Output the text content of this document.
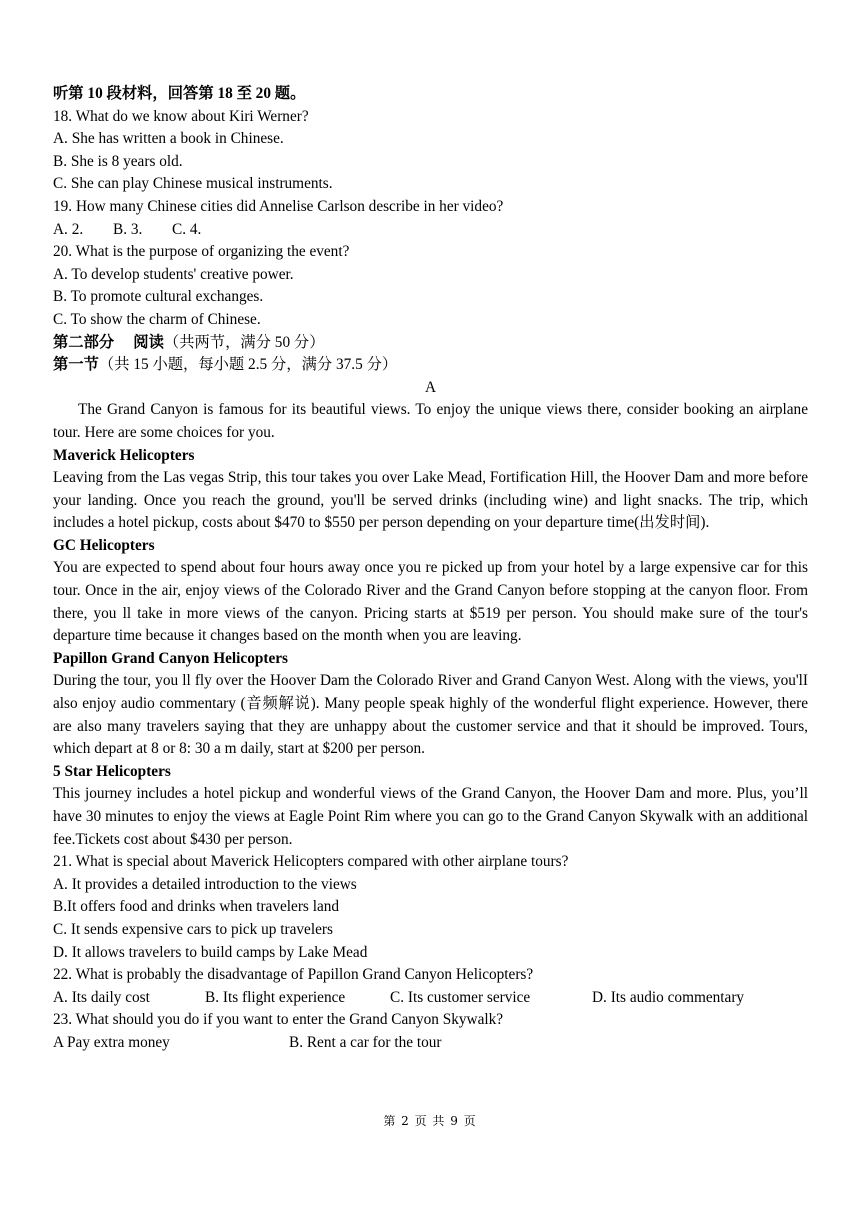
听第 10 段材料，回答第 18 至 20 题。
18. What do we know about Kiri Werner?
A. She has written a book in Chinese.
B. She is 8 years old.
C. She can play Chinese musical instruments.
19. How many Chinese cities did Annelise Carlson describe in her video?
A. 2.	B. 3.	C. 4.
20. What is the purpose of organizing the event?
A. To develop students' creative power.
B. To promote cultural exchanges.
C. To show the charm of Chinese.
第二部分     阅读（共两节，满分 50 分）
第一节（共 15 小题，每小题 2.5 分，满分 37.5 分）
A
The Grand Canyon is famous for its beautiful views. To enjoy the unique views there, consider booking an airplane tour. Here are some choices for you.
Maverick Helicopters
Leaving from the Las vegas Strip, this tour takes you over Lake Mead, Fortification Hill, the Hoover Dam and more before your landing. Once you reach the ground, you'll be served drinks (including wine) and light snacks. The trip, which includes a hotel pickup, costs about $470 to $550 per person depending on your departure time(出发时间).
GC Helicopters
You are expected to spend about four hours away once you re picked up from your hotel by a large expensive car for this tour. Once in the air, enjoy views of the Colorado River and the Grand Canyon before stopping at the canyon floor. From there, you ll take in more views of the canyon. Pricing starts at $519 per person. You should make sure of the tour's departure time because it changes based on the month when you are leaving.
Papillon Grand Canyon Helicopters
During the tour, you ll fly over the Hoover Dam the Colorado River and Grand Canyon West. Along with the views, you'lI also enjoy audio commentary (音频解说). Many people speak highly of the wonderful flight experience. However, there are also many travelers saying that they are unhappy about the customer service and that it should be improved. Tours, which depart at 8 or 8: 30 a m daily, start at $200 per person.
5 Star Helicopters
This journey includes a hotel pickup and wonderful views of the Grand Canyon, the Hoover Dam and more. Plus, you’ll have 30 minutes to enjoy the views at Eagle Point Rim where you can go to the Grand Canyon Skywalk with an additional fee.Tickets cost about $430 per person.
21. What is special about Maverick Helicopters compared with other airplane tours?
A. It provides a detailed introduction to the views
B.It offers food and drinks when travelers land
C. It sends expensive cars to pick up travelers
D. It allows travelers to build camps by Lake Mead
22. What is probably the disadvantage of Papillon Grand Canyon Helicopters?
A. Its daily cost	B. Its flight experience	C. Its customer service	D. Its audio commentary
23. What should you do if you want to enter the Grand Canyon Skywalk?
A Pay extra money	B. Rent a car for the tour
第 2 页 共 9 页
